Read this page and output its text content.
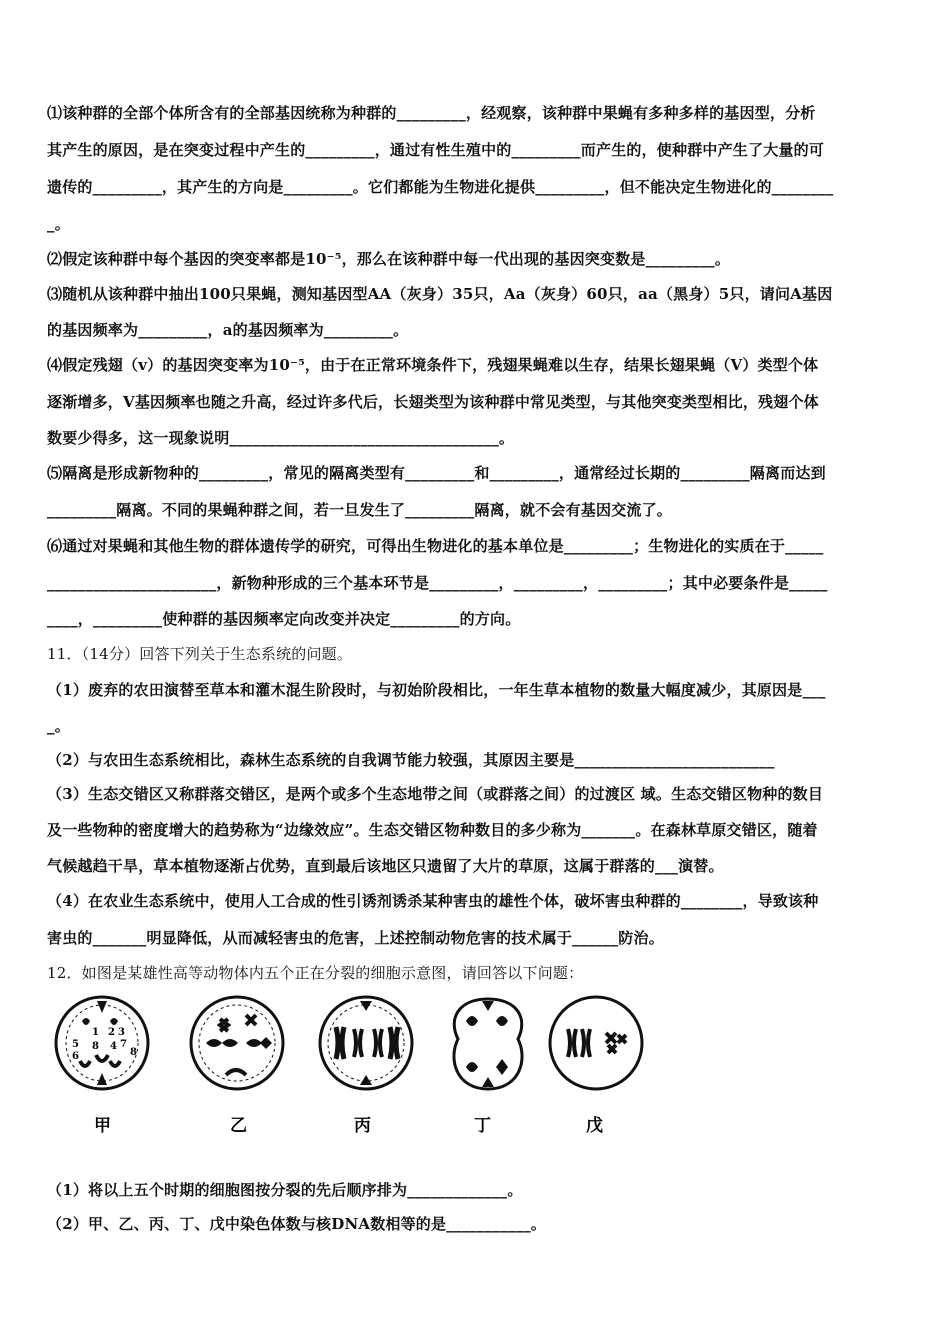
⑴该种群的全部个体所含有的全部基因统称为种群的_________，经观察，该种群中果蝇有多种多样的基因型，分析
其产生的原因，是在突变过程中产生的_________，通过有性生殖中的_________而产生的，使种群中产生了大量的可
遗传的_________，其产生的方向是_________。它们都能为生物进化提供_________，但不能决定生物进化的________
_。
⑵假定该种群中每个基因的突变率都是10⁻⁵，那么在该种群中每一代出现的基因突变数是_________。
⑶随机从该种群中抽出100只果蝇，测知基因型AA（灰身）35只，Aa（灰身）60只，aa（黑身）5只，请问A基因
的基因频率为_________，a的基因频率为_________。
⑷假定残翅（v）的基因突变率为10⁻⁵，由于在正常环境条件下，残翅果蝇难以生存，结果长翅果蝇（V）类型个体
逐渐增多，V基因频率也随之升高，经过许多代后，长翅类型为该种群中常见类型，与其他突变类型相比，残翅个体
数要少得多，这一现象说明___________________________________。
⑸隔离是形成新物种的_________，常见的隔离类型有_________和_________，通常经过长期的_________隔离而达到
_________隔离。不同的果蝇种群之间，若一旦发生了_________隔离，就不会有基因交流了。
⑹通过对果蝇和其他生物的群体遗传学的研究，可得出生物进化的基本单位是_________；生物进化的实质在于_____
______________________，新物种形成的三个基本环节是_________，_________，_________；其中必要条件是_____
____，_________使种群的基因频率定向改变并决定_________的方向。
11．（14分）回答下列关于生态系统的问题。
（1）废弃的农田演替至草本和灌木混生阶段时，与初始阶段相比，一年生草本植物的数量大幅度减少，其原因是___
_。
（2）与农田生态系统相比，森林生态系统的自我调节能力较强，其原因主要是__________________________
（3）生态交错区又称群落交错区，是两个或多个生态地带之间（或群落之间）的过渡区 域。生态交错区物种的数目
及一些物种的密度增大的趋势称为“边缘效应”。生态交错区物种数目的多少称为_______。在森林草原交错区，随着
气候越趋干旱，草本植物逐渐占优势，直到最后该地区只遗留了大片的草原，这属于群落的___演替。
（4）在农业生态系统中，使用人工合成的性引诱剂诱杀某种害虫的雄性个体，破坏害虫种群的________，导致该种
害虫的_______明显降低，从而减轻害虫的危害，上述控制动物危害的技术属于______防治。
12．如图是某雄性高等动物体内五个正在分裂的细胞示意图，请回答以下问题：
5
1 2 3
6
8 4 7
8
甲	乙	丙	丁	戊
（1）将以上五个时期的细胞图按分裂的先后顺序排为_____________。
（2）甲、乙、丙、丁、戊中染色体数与核DNA数相等的是___________。
